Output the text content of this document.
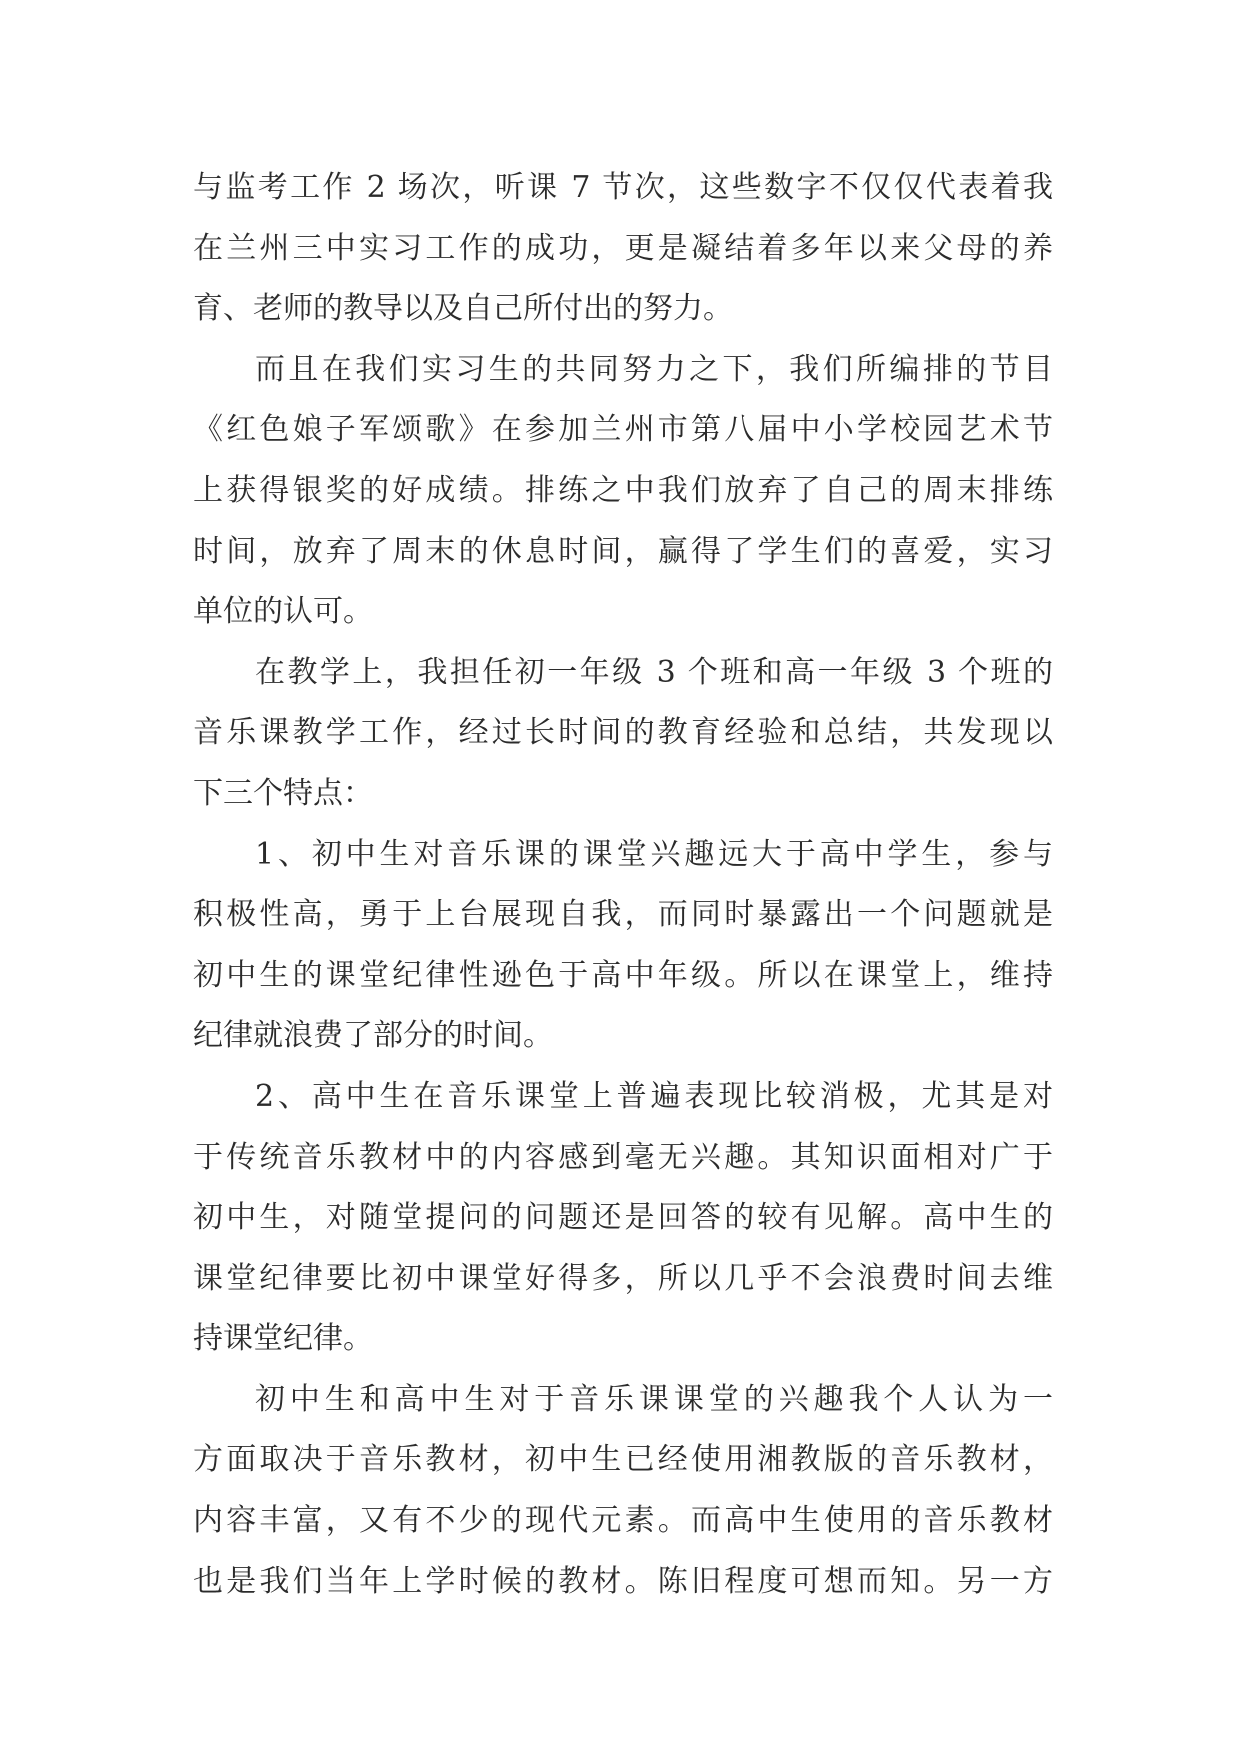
与监考工作 2 场次，听课 7 节次，这些数字不仅仅代表着我
在兰州三中实习工作的成功，更是凝结着多年以来父母的养
育、老师的教导以及自己所付出的努力。
而且在我们实习生的共同努力之下，我们所编排的节目
《红色娘子军颂歌》在参加兰州市第八届中小学校园艺术节
上获得银奖的好成绩。排练之中我们放弃了自己的周末排练
时间，放弃了周末的休息时间，赢得了学生们的喜爱，实习
单位的认可。
在教学上，我担任初一年级 3 个班和高一年级 3 个班的
音乐课教学工作，经过长时间的教育经验和总结，共发现以
下三个特点：
1、初中生对音乐课的课堂兴趣远大于高中学生，参与
积极性高，勇于上台展现自我，而同时暴露出一个问题就是
初中生的课堂纪律性逊色于高中年级。所以在课堂上，维持
纪律就浪费了部分的时间。
2、高中生在音乐课堂上普遍表现比较消极，尤其是对
于传统音乐教材中的内容感到毫无兴趣。其知识面相对广于
初中生，对随堂提问的问题还是回答的较有见解。高中生的
课堂纪律要比初中课堂好得多，所以几乎不会浪费时间去维
持课堂纪律。
初中生和高中生对于音乐课课堂的兴趣我个人认为一
方面取决于音乐教材，初中生已经使用湘教版的音乐教材，
内容丰富，又有不少的现代元素。而高中生使用的音乐教材
也是我们当年上学时候的教材。陈旧程度可想而知。另一方
